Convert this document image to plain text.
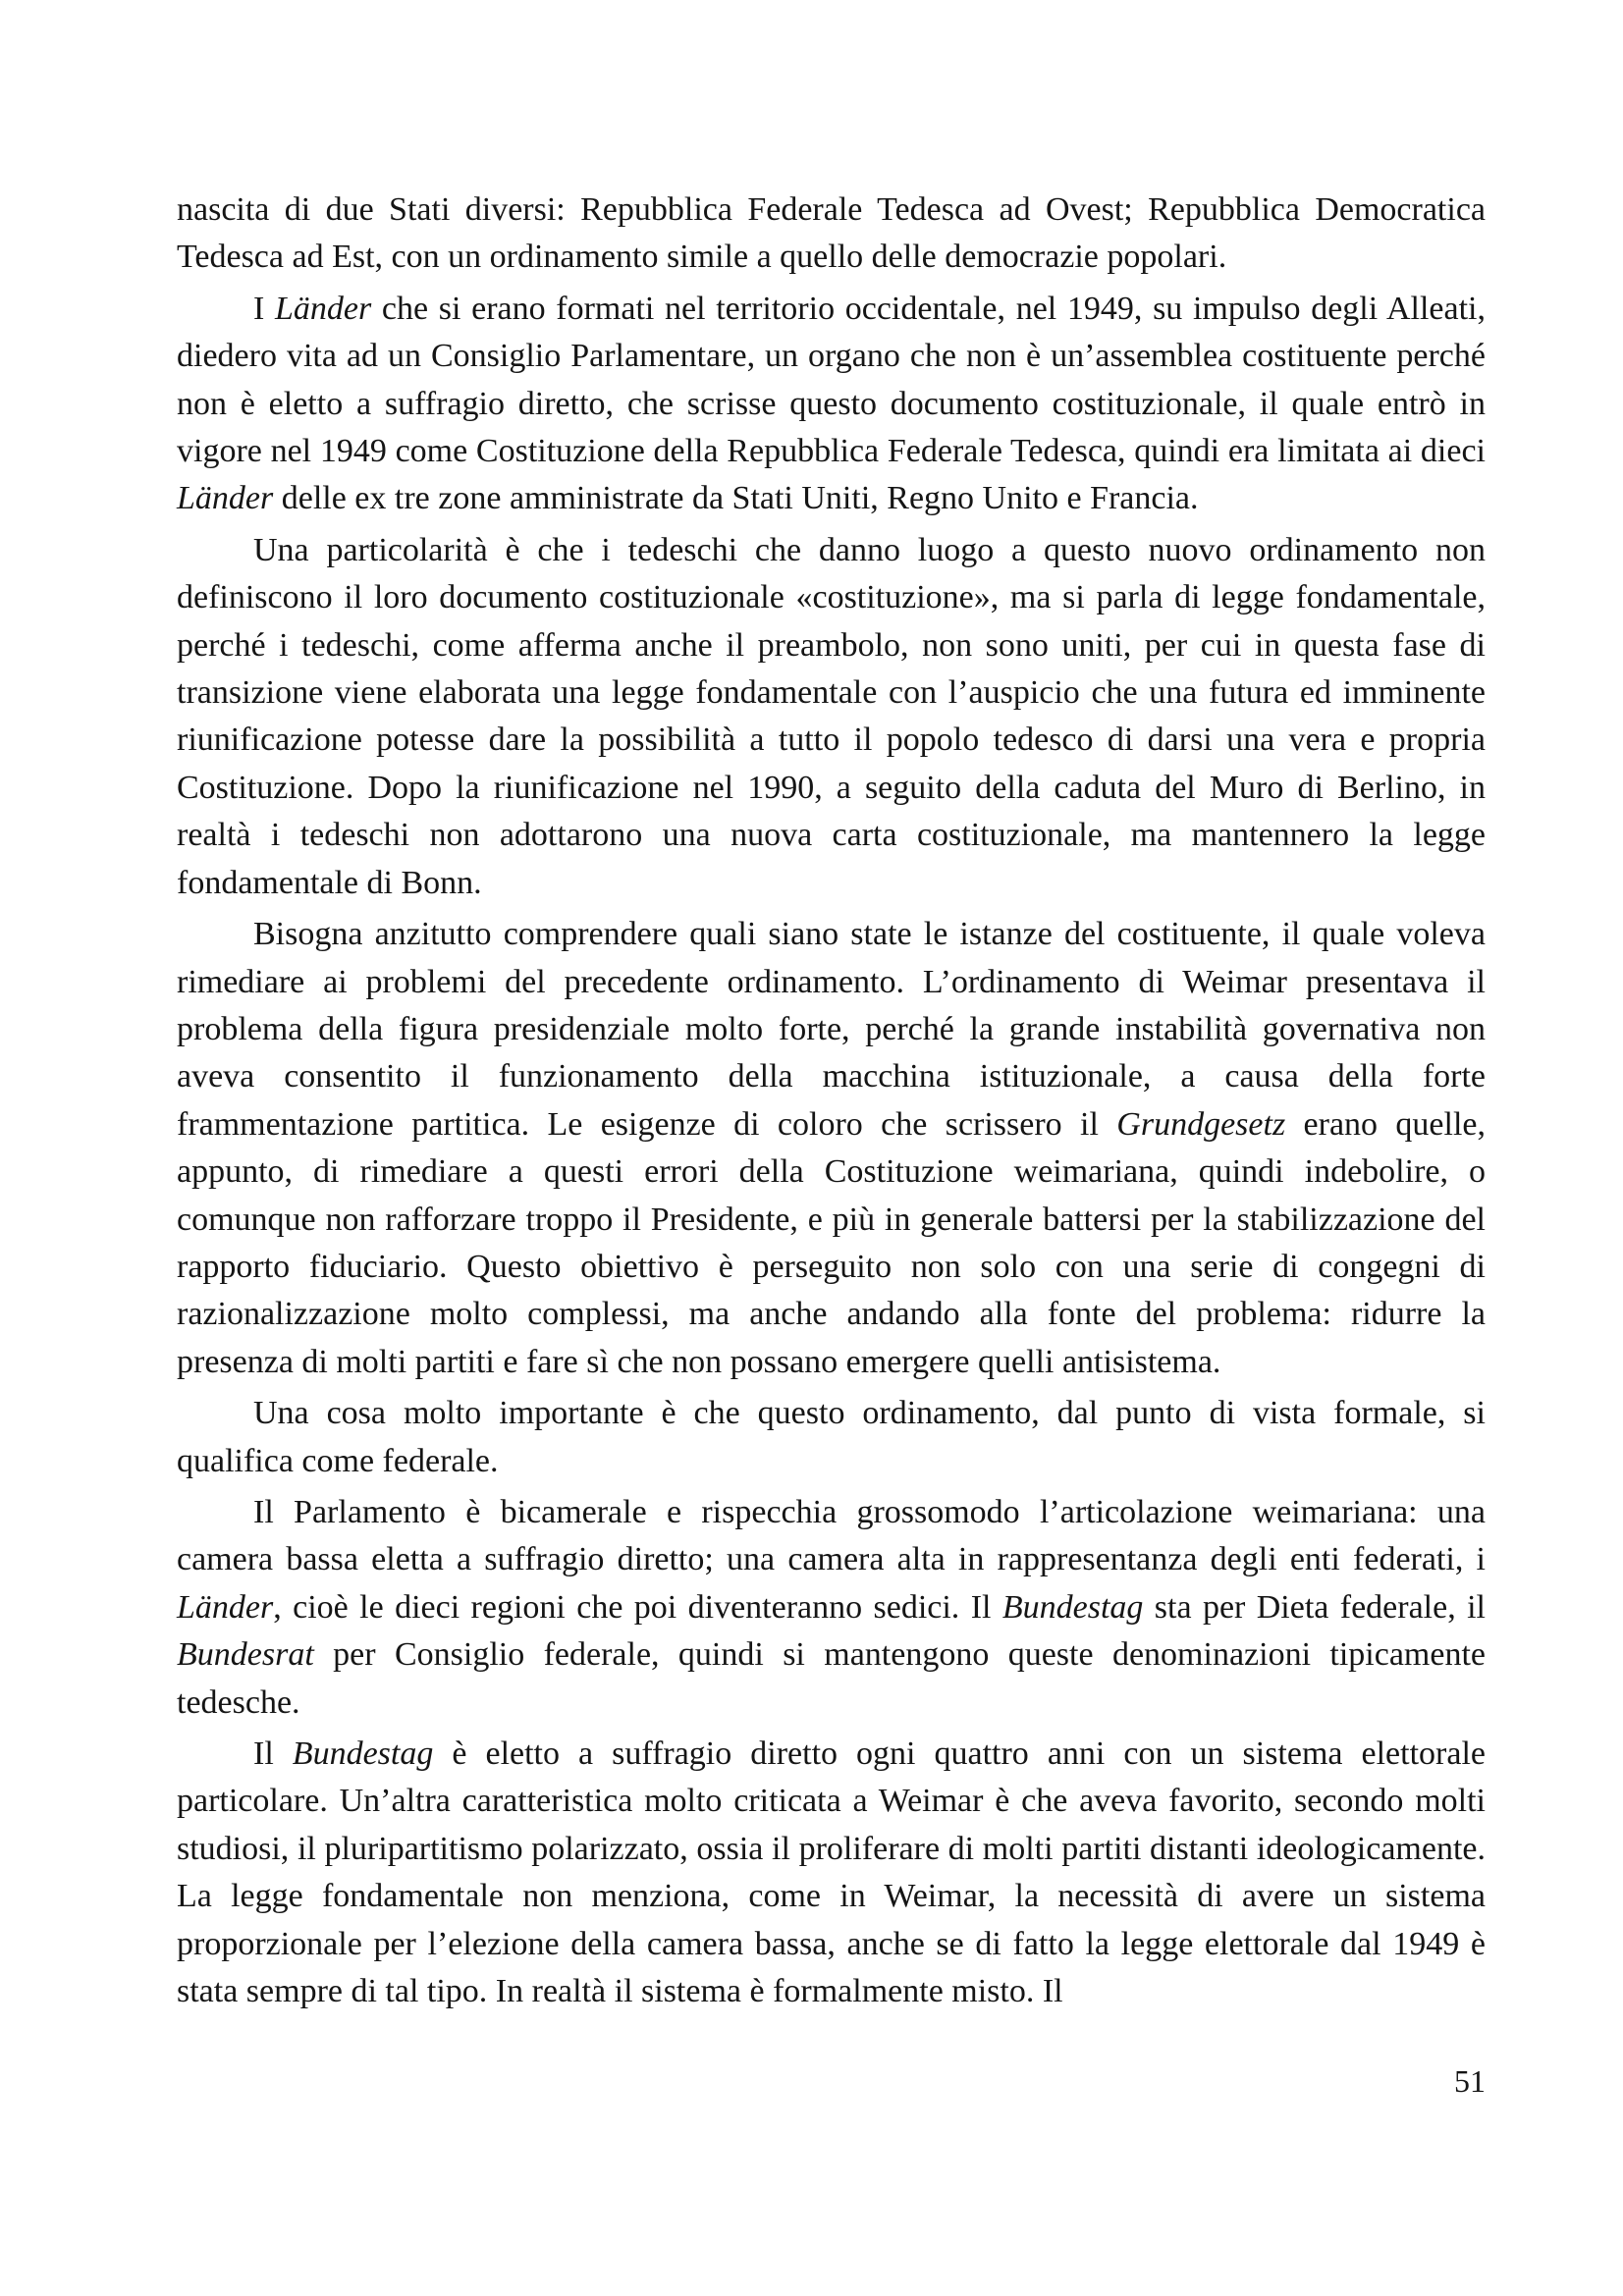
nascita di due Stati diversi: Repubblica Federale Tedesca ad Ovest; Repubblica Democratica Tedesca ad Est, con un ordinamento simile a quello delle democrazie popolari.

I Länder che si erano formati nel territorio occidentale, nel 1949, su impulso degli Alleati, diedero vita ad un Consiglio Parlamentare, un organo che non è un’assemblea costituente perché non è eletto a suffragio diretto, che scrisse questo documento costituzionale, il quale entrò in vigore nel 1949 come Costituzione della Repubblica Federale Tedesca, quindi era limitata ai dieci Länder delle ex tre zone amministrate da Stati Uniti, Regno Unito e Francia.

Una particolarità è che i tedeschi che danno luogo a questo nuovo ordinamento non definiscono il loro documento costituzionale «costituzione», ma si parla di legge fondamentale, perché i tedeschi, come afferma anche il preambolo, non sono uniti, per cui in questa fase di transizione viene elaborata una legge fondamentale con l’auspicio che una futura ed imminente riunificazione potesse dare la possibilità a tutto il popolo tedesco di darsi una vera e propria Costituzione. Dopo la riunificazione nel 1990, a seguito della caduta del Muro di Berlino, in realtà i tedeschi non adottarono una nuova carta costituzionale, ma mantennero la legge fondamentale di Bonn.

Bisogna anzitutto comprendere quali siano state le istanze del costituente, il quale voleva rimediare ai problemi del precedente ordinamento. L’ordinamento di Weimar presentava il problema della figura presidenziale molto forte, perché la grande instabilità governativa non aveva consentito il funzionamento della macchina istituzionale, a causa della forte frammentazione partitica. Le esigenze di coloro che scrissero il Grundgesetz erano quelle, appunto, di rimediare a questi errori della Costituzione weimariana, quindi indebolire, o comunque non rafforzare troppo il Presidente, e più in generale battersi per la stabilizzazione del rapporto fiduciario. Questo obiettivo è perseguito non solo con una serie di congegni di razionalizzazione molto complessi, ma anche andando alla fonte del problema: ridurre la presenza di molti partiti e fare sì che non possano emergere quelli antisistema.

Una cosa molto importante è che questo ordinamento, dal punto di vista formale, si qualifica come federale.

Il Parlamento è bicamerale e rispecchia grossomodo l’articolazione weimariana: una camera bassa eletta a suffragio diretto; una camera alta in rappresentanza degli enti federati, i Länder, cioè le dieci regioni che poi diventeranno sedici. Il Bundestag sta per Dieta federale, il Bundesrat per Consiglio federale, quindi si mantengono queste denominazioni tipicamente tedesche.

Il Bundestag è eletto a suffragio diretto ogni quattro anni con un sistema elettorale particolare. Un’altra caratteristica molto criticata a Weimar è che aveva favorito, secondo molti studiosi, il pluripartitismo polarizzato, ossia il proliferare di molti partiti distanti ideologicamente. La legge fondamentale non menziona, come in Weimar, la necessità di avere un sistema proporzionale per l’elezione della camera bassa, anche se di fatto la legge elettorale dal 1949 è stata sempre di tal tipo. In realtà il sistema è formalmente misto. Il

51
